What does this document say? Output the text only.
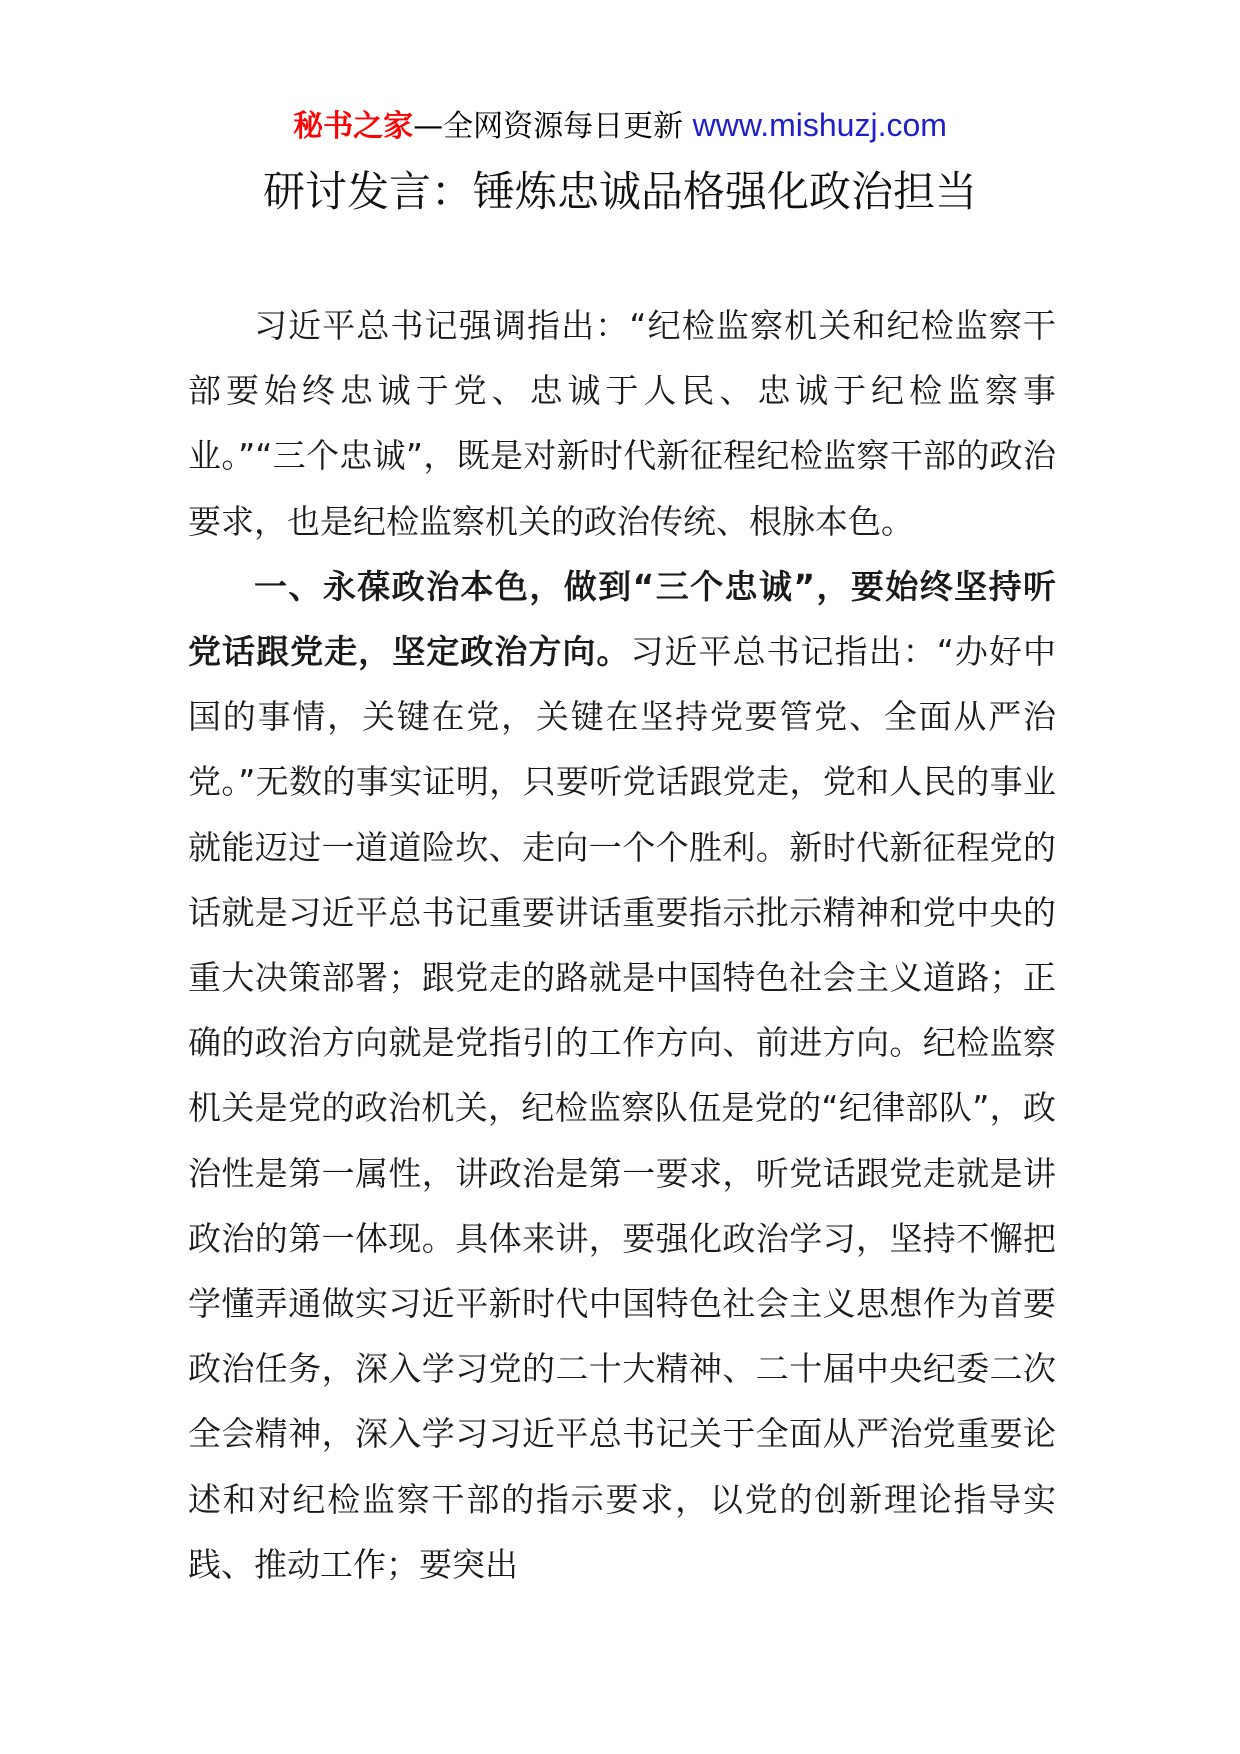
秘书之家—全网资源每日更新 www.mishuzj.com
研讨发言：锤炼忠诚品格强化政治担当

习近平总书记强调指出：“纪检监察机关和纪检监察干部要始终忠诚于党、忠诚于人民、忠诚于纪检监察事业。”“三个忠诚”，既是对新时代新征程纪检监察干部的政治要求，也是纪检监察机关的政治传统、根脉本色。

一、永葆政治本色，做到“三个忠诚”，要始终坚持听党话跟党走，坚定政治方向。习近平总书记指出：“办好中国的事情，关键在党，关键在坚持党要管党、全面从严治党。”无数的事实证明，只要听党话跟党走，党和人民的事业就能迈过一道道险坎、走向一个个胜利。新时代新征程党的话就是习近平总书记重要讲话重要指示批示精神和党中央的重大决策部署；跟党走的路就是中国特色社会主义道路；正确的政治方向就是党指引的工作方向、前进方向。纪检监察机关是党的政治机关，纪检监察队伍是党的“纪律部队”，政治性是第一属性，讲政治是第一要求，听党话跟党走就是讲政治的第一体现。具体来讲，要强化政治学习，坚持不懈把学懂弄通做实习近平新时代中国特色社会主义思想作为首要政治任务，深入学习党的二十大精神、二十届中央纪委二次全会精神，深入学习习近平总书记关于全面从严治党重要论述和对纪检监察干部的指示要求，以党的创新理论指导实践、推动工作；要突出
